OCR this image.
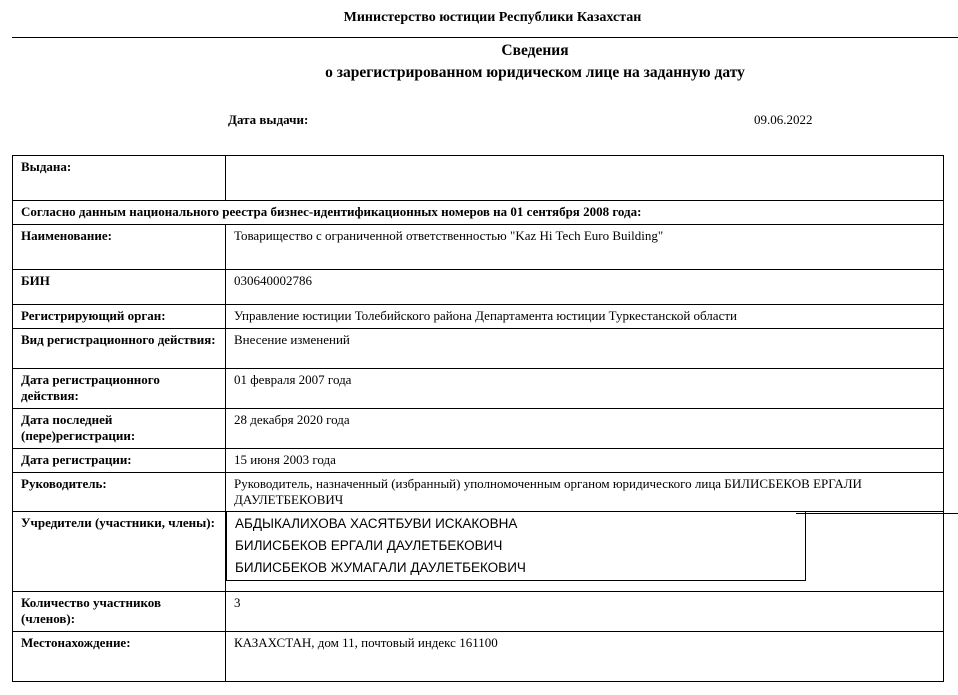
Министерство юстиции Республики Казахстан
Сведения
о зарегистрированном юридическом лице на заданную дату
Дата выдачи:	09.06.2022
Выдана:	
Согласно данным национального реестра бизнес-идентификационных номеров на 01 сентября 2008 года:	
Наименование:	Товарищество с ограниченной ответственностью "Kaz Hi Tech Euro Building"
БИН	030640002786
Регистрирующий орган:	Управление юстиции Толебийского района Департамента юстиции Туркестанской области
Вид регистрационного действия:	Внесение изменений
Дата регистрационного действия:	01 февраля 2007 года
Дата последней (пере)регистрации:	28 декабря 2020 года
Дата регистрации:	15 июня 2003 года
Руководитель:	Руководитель, назначенный (избранный) уполномоченным органом юридического лица БИЛИСБЕКОВ ЕРГАЛИ ДАУЛЕТБЕКОВИЧ
Учредители (участники, члены):	АБДЫКАЛИХОВА ХАСЯТБУВИ ИСКАКОВНА
БИЛИСБЕКОВ ЕРГАЛИ ДАУЛЕТБЕКОВИЧ
БИЛИСБЕКОВ ЖУМАГАЛИ ДАУЛЕТБЕКОВИЧ

Количество участников (членов):	3
Местонахождение:	КАЗАХСТАН, дом 11, почтовый индекс 161100
